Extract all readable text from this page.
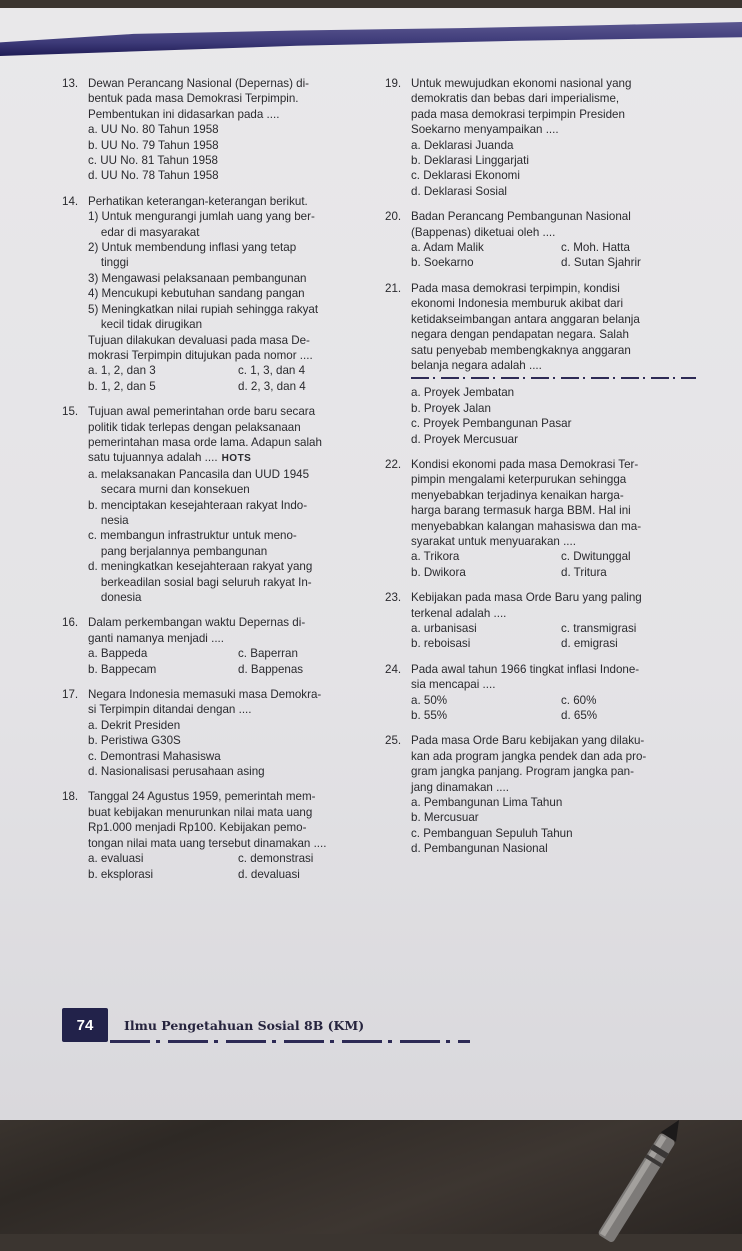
13. Dewan Perancang Nasional (Depernas) di-
bentuk pada masa Demokrasi Terpimpin.
Pembentukan ini didasarkan pada ....
a. UU No. 80 Tahun 1958
b. UU No. 79 Tahun 1958
c. UU No. 81 Tahun 1958
d. UU No. 78 Tahun 1958
14. Perhatikan keterangan-keterangan berikut.
1) Untuk mengurangi jumlah uang yang ber-
edar di masyarakat
2) Untuk membendung inflasi yang tetap
tinggi
3) Mengawasi pelaksanaan pembangunan
4) Mencukupi kebutuhan sandang pangan
5) Meningkatkan nilai rupiah sehingga rakyat
kecil tidak dirugikan
Tujuan dilakukan devaluasi pada masa De-
mokrasi Terpimpin ditujukan pada nomor ....
a. 1, 2, dan 3	c. 1, 3, dan 4
b. 1, 2, dan 5	d. 2, 3, dan 4
15. Tujuan awal pemerintahan orde baru secara
politik tidak terlepas dengan pelaksanaan
pemerintahan masa orde lama. Adapun salah
satu tujuannya adalah .... HOTS
a. melaksanakan Pancasila dan UUD 1945
secara murni dan konsekuen
b. menciptakan kesejahteraan rakyat Indo-
nesia
c. membangun infrastruktur untuk meno-
pang berjalannya pembangunan
d. meningkatkan kesejahteraan rakyat yang
berkeadilan sosial bagi seluruh rakyat In-
donesia
16. Dalam perkembangan waktu Depernas di-
ganti namanya menjadi ....
a. Bappeda	c. Baperran
b. Bappecam	d. Bappenas
17. Negara Indonesia memasuki masa Demokra-
si Terpimpin ditandai dengan ....
a. Dekrit Presiden
b. Peristiwa G30S
c. Demontrasi Mahasiswa
d. Nasionalisasi perusahaan asing
18. Tanggal 24 Agustus 1959, pemerintah mem-
buat kebijakan menurunkan nilai mata uang
Rp1.000 menjadi Rp100. Kebijakan pemo-
tongan nilai mata uang tersebut dinamakan ....
a. evaluasi	c. demonstrasi
b. eksplorasi	d. devaluasi
19. Untuk mewujudkan ekonomi nasional yang
demokratis dan bebas dari imperialisme,
pada masa demokrasi terpimpin Presiden
Soekarno menyampaikan ....
a. Deklarasi Juanda
b. Deklarasi Linggarjati
c. Deklarasi Ekonomi
d. Deklarasi Sosial
20. Badan Perancang Pembangunan Nasional
(Bappenas) diketuai oleh ....
a. Adam Malik	c. Moh. Hatta
b. Soekarno	d. Sutan Sjahrir
21. Pada masa demokrasi terpimpin, kondisi
ekonomi Indonesia memburuk akibat dari
ketidakseimbangan antara anggaran belanja
negara dengan pendapatan negara. Salah
satu penyebab membengkaknya anggaran
belanja negara adalah ....
a. Proyek Jembatan
b. Proyek Jalan
c. Proyek Pembangunan Pasar
d. Proyek Mercusuar
22. Kondisi ekonomi pada masa Demokrasi Ter-
pimpin mengalami keterpurukan sehingga
menyebabkan terjadinya kenaikan harga-
harga barang termasuk harga BBM. Hal ini
menyebabkan kalangan mahasiswa dan ma-
syarakat untuk menyuarakan ....
a. Trikora	c. Dwitunggal
b. Dwikora	d. Tritura
23. Kebijakan pada masa Orde Baru yang paling
terkenal adalah ....
a. urbanisasi	c. transmigrasi
b. reboisasi	d. emigrasi
24. Pada awal tahun 1966 tingkat inflasi Indone-
sia mencapai ....
a. 50%	c. 60%
b. 55%	d. 65%
25. Pada masa Orde Baru kebijakan yang dilaku-
kan ada program jangka pendek dan ada pro-
gram jangka panjang. Program jangka pan-
jang dinamakan ....
a. Pembangunan Lima Tahun
b. Mercusuar
c. Pembanguan Sepuluh Tahun
d. Pembangunan Nasional
74	Ilmu Pengetahuan Sosial 8B (KM)
